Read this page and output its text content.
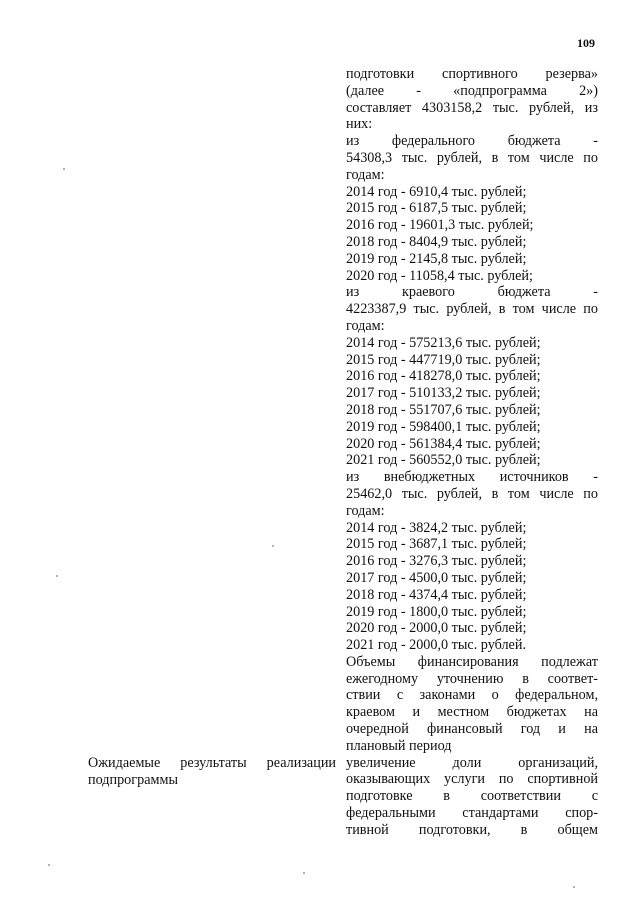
109
Ожидаемые результаты реализации
подпрограммы
подготовки спортивного резерва»
(далее - «подпрограмма 2»)
составляет 4303158,2 тыс. рублей, из
них:
из федерального бюджета -
54308,3 тыс. рублей, в том числе по
годам:
2014 год - 6910,4 тыс. рублей;
2015 год - 6187,5 тыс. рублей;
2016 год - 19601,3 тыс. рублей;
2018 год - 8404,9 тыс. рублей;
2019 год - 2145,8 тыс. рублей;
2020 год - 11058,4 тыс. рублей;
из краевого бюджета -
4223387,9 тыс. рублей, в том числе по
годам:
2014 год - 575213,6 тыс. рублей;
2015 год - 447719,0 тыс. рублей;
2016 год - 418278,0 тыс. рублей;
2017 год - 510133,2 тыс. рублей;
2018 год - 551707,6 тыс. рублей;
2019 год - 598400,1 тыс. рублей;
2020 год - 561384,4 тыс. рублей;
2021 год - 560552,0 тыс. рублей;
из внебюджетных источников -
25462,0 тыс. рублей, в том числе по
годам:
2014 год - 3824,2 тыс. рублей;
2015 год - 3687,1 тыс. рублей;
2016 год - 3276,3 тыс. рублей;
2017 год - 4500,0 тыс. рублей;
2018 год - 4374,4 тыс. рублей;
2019 год - 1800,0 тыс. рублей;
2020 год - 2000,0 тыс. рублей;
2021 год - 2000,0 тыс. рублей.
Объемы финансирования подлежат
ежегодному уточнению в соответ-
ствии с законами о федеральном,
краевом и местном бюджетах на
очередной финансовый год и на
плановый период
увеличение доли организаций,
оказывающих услуги по спортивной
подготовке в соответствии с
федеральными стандартами спор-
тивной подготовки, в общем
